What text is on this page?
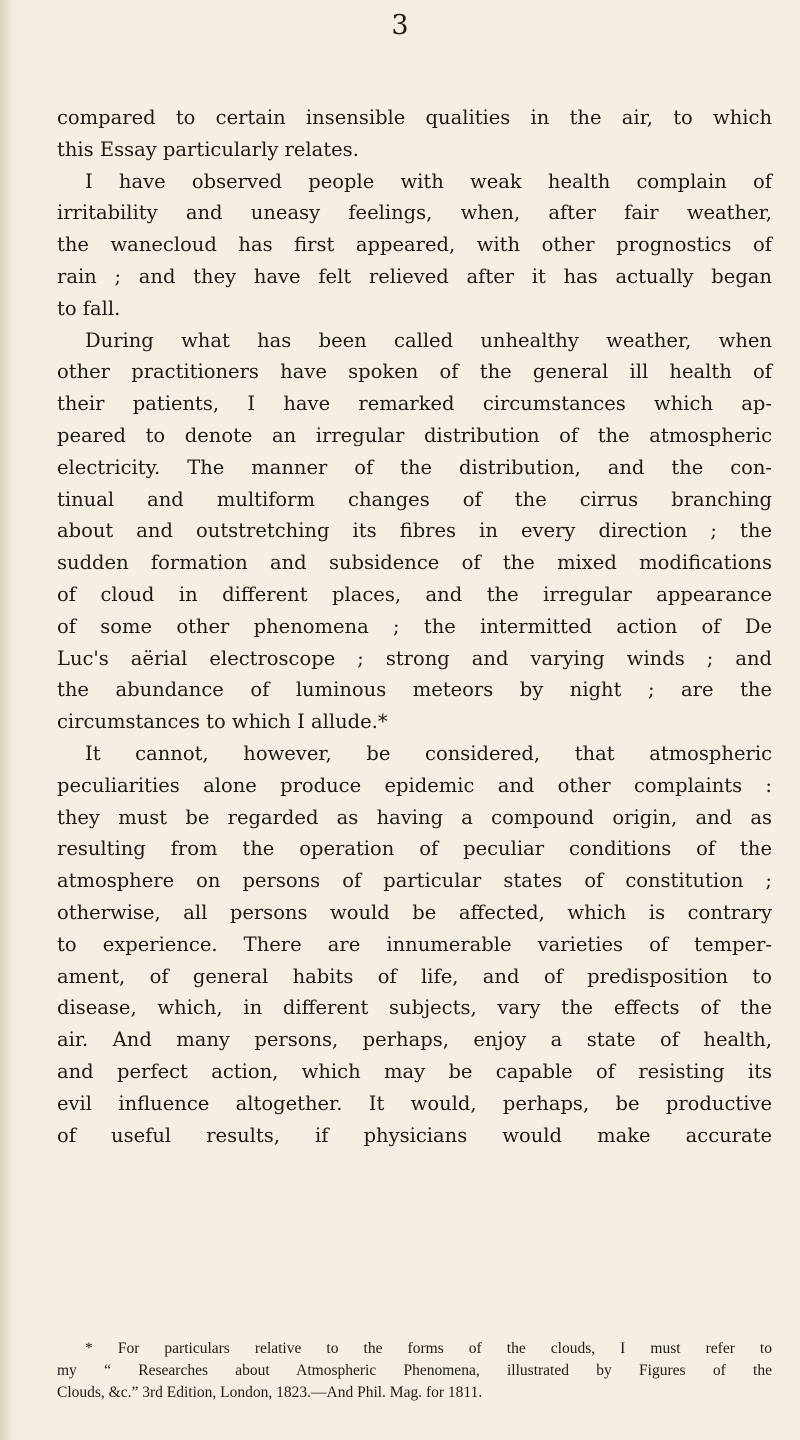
3
compared to certain insensible qualities in the air, to which
this Essay particularly relates.
I have observed people with weak health complain of
irritability and uneasy feelings, when, after fair weather,
the wanecloud has first appeared, with other prognostics of
rain ; and they have felt relieved after it has actually began
to fall.
During what has been called unhealthy weather, when
other practitioners have spoken of the general ill health of
their patients, I have remarked circumstances which ap-
peared to denote an irregular distribution of the atmospheric
electricity. The manner of the distribution, and the con-
tinual and multiform changes of the cirrus branching
about and outstretching its fibres in every direction ; the
sudden formation and subsidence of the mixed modifications
of cloud in different places, and the irregular appearance
of some other phenomena ; the intermitted action of De
Luc's aërial electroscope ; strong and varying winds ; and
the abundance of luminous meteors by night ; are the
circumstances to which I allude.*
It cannot, however, be considered, that atmospheric
peculiarities alone produce epidemic and other complaints :
they must be regarded as having a compound origin, and as
resulting from the operation of peculiar conditions of the
atmosphere on persons of particular states of constitution ;
otherwise, all persons would be affected, which is contrary
to experience. There are innumerable varieties of temper-
ament, of general habits of life, and of predisposition to
disease, which, in different subjects, vary the effects of the
air. And many persons, perhaps, enjoy a state of health,
and perfect action, which may be capable of resisting its
evil influence altogether. It would, perhaps, be productive
of useful results, if physicians would make accurate
* For particulars relative to the forms of the clouds, I must refer to
my “ Researches about Atmospheric Phenomena, illustrated by Figures of the
Clouds, &c.” 3rd Edition, London, 1823.—And Phil. Mag. for 1811.
